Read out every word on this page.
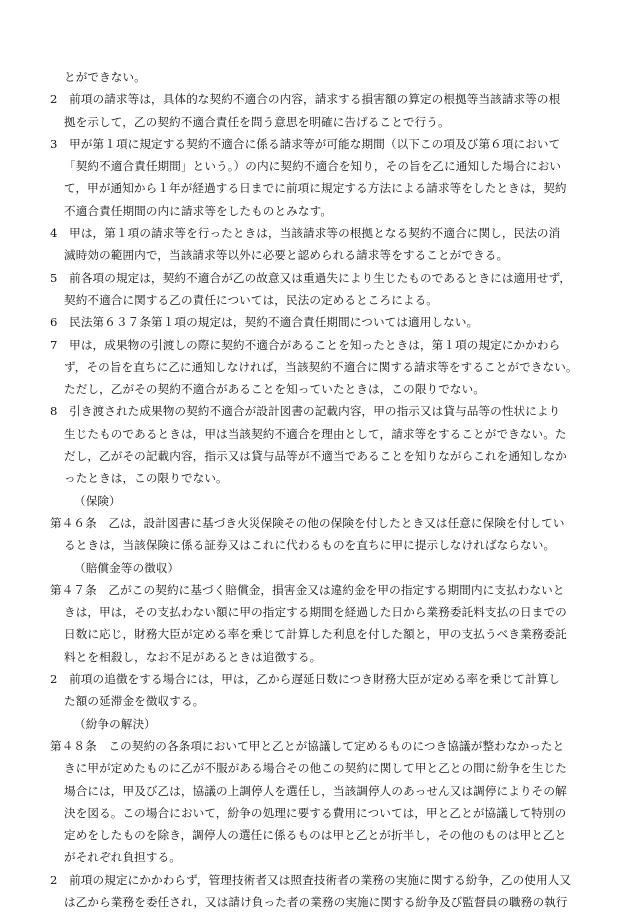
とができない。
2　前項の請求等は，具体的な契約不適合の内容，請求する損害額の算定の根拠等当該請求等の根
拠を示して，乙の契約不適合責任を問う意思を明確に告げることで行う。
3　甲が第１項に規定する契約不適合に係る請求等が可能な期間（以下この項及び第６項において
「契約不適合責任期間」という。）の内に契約不適合を知り，その旨を乙に通知した場合におい
て，甲が通知から１年が経過する日までに前項に規定する方法による請求等をしたときは，契約
不適合責任期間の内に請求等をしたものとみなす。
4　甲は，第１項の請求等を行ったときは，当該請求等の根拠となる契約不適合に関し，民法の消
滅時効の範囲内で，当該請求等以外に必要と認められる請求等をすることができる。
5　前各項の規定は，契約不適合が乙の故意又は重過失により生じたものであるときには適用せず，
契約不適合に関する乙の責任については，民法の定めるところによる。
6　民法第６３７条第１項の規定は，契約不適合責任期間については適用しない。
7　甲は，成果物の引渡しの際に契約不適合があることを知ったときは，第１項の規定にかかわら
ず，その旨を直ちに乙に通知しなければ，当該契約不適合に関する請求等をすることができない。
ただし，乙がその契約不適合があることを知っていたときは，この限りでない。
8　引き渡された成果物の契約不適合が設計図書の記載内容，甲の指示又は貸与品等の性状により
生じたものであるときは，甲は当該契約不適合を理由として，請求等をすることができない。た
だし，乙がその記載内容，指示又は貸与品等が不適当であることを知りながらこれを通知しなか
ったときは，この限りでない。
（保険）
第４６条　乙は，設計図書に基づき火災保険その他の保険を付したとき又は任意に保険を付してい
るときは，当該保険に係る証券又はこれに代わるものを直ちに甲に提示しなければならない。
（賠償金等の徴収）
第４７条　乙がこの契約に基づく賠償金，損害金又は違約金を甲の指定する期間内に支払わないと
きは，甲は，その支払わない額に甲の指定する期間を経過した日から業務委託料支払の日までの
日数に応じ，財務大臣が定める率を乗じて計算した利息を付した額と，甲の支払うべき業務委託
料とを相殺し，なお不足があるときは追徴する。
2　前項の追徴をする場合には，甲は，乙から遅延日数につき財務大臣が定める率を乗じて計算し
た額の延滞金を徴収する。
（紛争の解決）
第４８条　この契約の各条項において甲と乙とが協議して定めるものにつき協議が整わなかったと
きに甲が定めたものに乙が不服がある場合その他この契約に関して甲と乙との間に紛争を生じた
場合には，甲及び乙は，協議の上調停人を選任し，当該調停人のあっせん又は調停によりその解
決を図る。この場合において，紛争の処理に要する費用については，甲と乙とが協議して特別の
定めをしたものを除き，調停人の選任に係るものは甲と乙とが折半し，その他のものは甲と乙と
がそれぞれ負担する。
2　前項の規定にかかわらず，管理技術者又は照査技術者の業務の実施に関する紛争，乙の使用人又
は乙から業務を委任され，又は請け負った者の業務の実施に関する紛争及び監督員の職務の執行
